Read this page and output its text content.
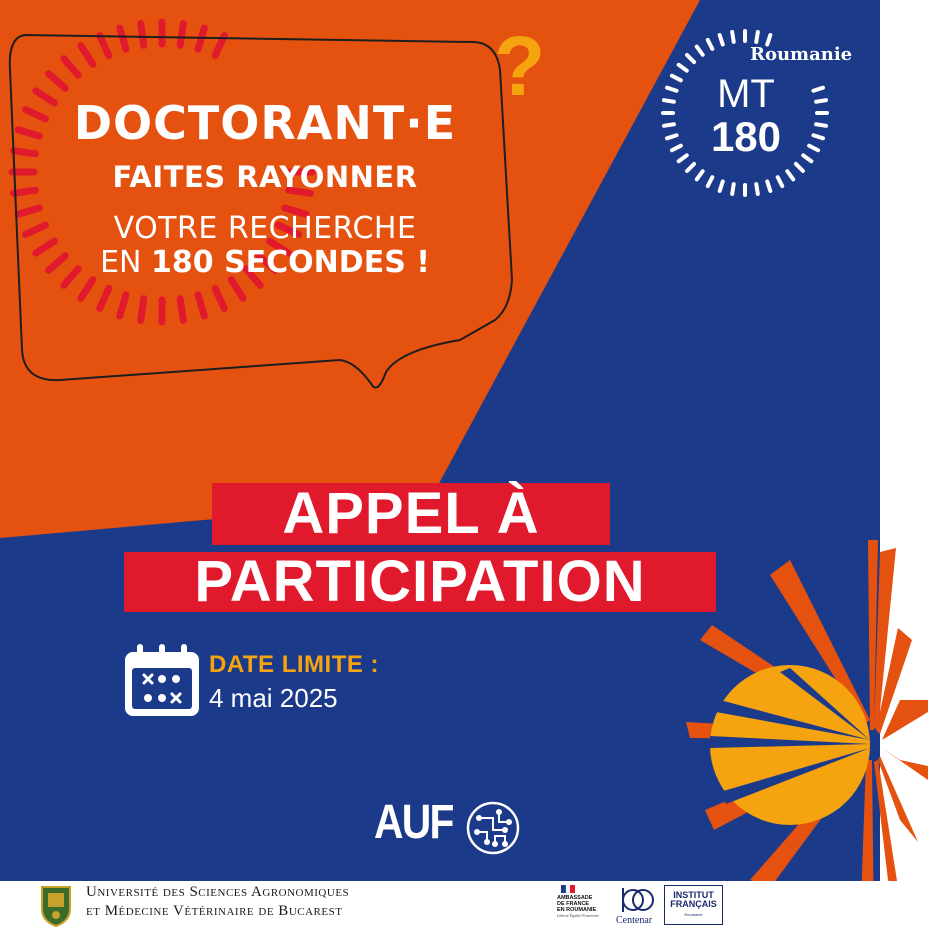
DOCTORANT·E
?
FAITES RAYONNER
VOTRE RECHERCHE
EN 180 SECONDES !
Roumanie
MT
180
APPEL À
PARTICIPATION
DATE LIMITE :
4 mai 2025
AUF
Université des Sciences Agronomiques
et Médecine Vétérinaire de Bucarest
AMBASSADE
DE FRANCE
EN ROUMANIE
Liberté Égalité Fraternité Centenar
INSTITUT
FRANÇAIS
Roumanie
